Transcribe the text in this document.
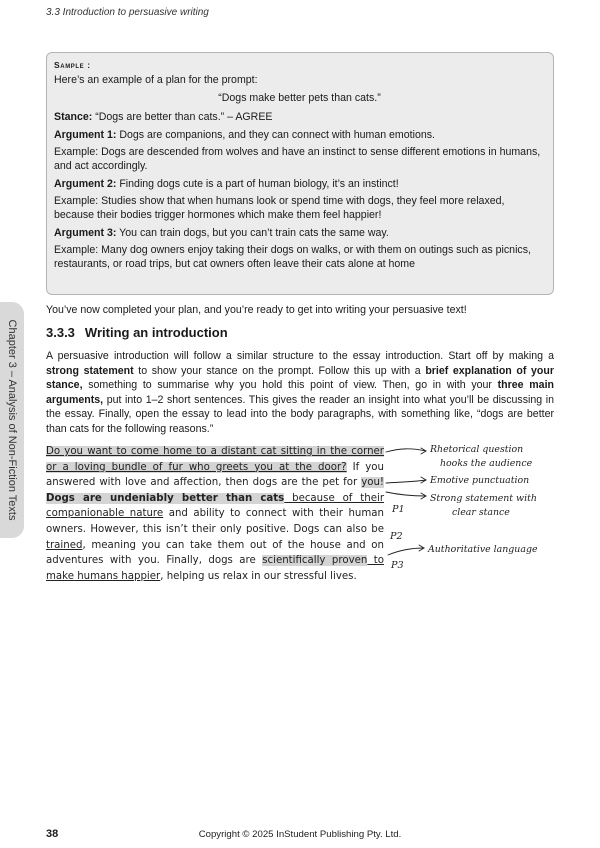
3.3 Introduction to persuasive writing
Chapter 3 – Analysis of Non-Fiction Texts

Sample :

Here’s an example of a plan for the prompt:

“Dogs make better pets than cats.”

Stance: “Dogs are better than cats.” – AGREE

Argument 1: Dogs are companions, and they can connect with human emotions.

Example: Dogs are descended from wolves and have an instinct to sense different emotions in humans, and act accordingly.

Argument 2: Finding dogs cute is a part of human biology, it’s an instinct!

Example: Studies show that when humans look or spend time with dogs, they feel more relaxed, because their bodies trigger hormones which make them feel happier!

Argument 3: You can train dogs, but you can’t train cats the same way.

Example: Many dog owners enjoy taking their dogs on walks, or with them on outings such as picnics, restaurants, or road trips, but cat owners often leave their cats alone at home

You’ve now completed your plan, and you’re ready to get into writing your persuasive text!
3.3.3 Writing an introduction

A persuasive introduction will follow a similar structure to the essay introduction. Start off by making a strong statement to show your stance on the prompt. Follow this up with a brief explanation of your stance, something to summarise why you hold this point of view. Then, go in with your three main arguments, put into 1–2 short sentences. This gives the reader an insight into what you’ll be discussing in the essay. Finally, open the essay to lead into the body paragraphs, with something like, “dogs are better than cats for the following reasons.”

Do you want to come home to a distant cat sitting in the corner or a loving bundle of fur who greets you at the door? If you answered with love and affection, then dogs are the pet for you! Dogs are undeniably better than cats because of their companionable nature and ability to connect with their human owners. However, this isn’t their only positive. Dogs can also be trained, meaning you can take them out of the house and on adventures with you. Finally, dogs are scientifically proven to make humans happier, helping us relax in our stressful lives.

Rhetorical question
hooks the audience
Emotive punctuation
Strong statement with
clear stance
Authoritative language
P1
P2
P3
38	Copyright © 2025 InStudent Publishing Pty. Ltd.
